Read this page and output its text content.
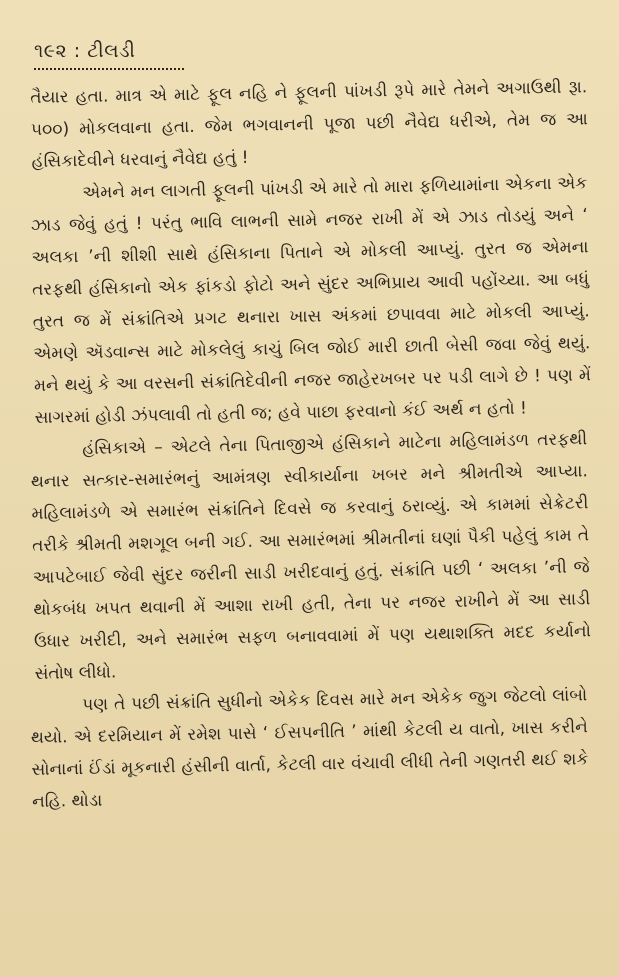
૧૯૨ : ટીલડી

તૈયાર હતા. માત્ર એ માટે ફૂલ નહિ ને ફૂલની પાંખડી રૂપે મારે તેમને અગાઉથી રૂા. ૫૦૦) મોકલવાના હતા. જેમ ભગવાનની પૂજા પછી નૈવેદ્ય ધરીએ, તેમ જ આ હંસિકાદેવીને ધરવાનું નૈવેદ્ય હતું !

એમને મન લાગતી ફૂલની પાંખડી એ મારે તો મારા ફળિયામાંના એકના એક ઝાડ જેવું હતું ! પરંતુ ભાવિ લાભની સામે નજર રાખી મેં એ ઝાડ તોડયું અને ‘ અલકા ’ની શીશી સાથે હંસિકાના પિતાને એ મોકલી આપ્યું. તુરત જ એમના તરફથી હંસિકાનો એક ફાંકડો ફોટો અને સુંદર અભિપ્રાય આવી પહોંચ્યા. આ બધું તુરત જ મેં સંક્રાંતિએ પ્રગટ થનારા ખાસ અંકમાં છપાવવા માટે મોકલી આપ્યું. એમણે ઍડવાન્સ માટે મોકલેલું કાચું બિલ જોઈ મારી છાતી બેસી જવા જેવું થયું. મને થયું કે આ વરસની સંક્રાંતિદેવીની નજર જાહેરખબર પર પડી લાગે છે ! પણ મેં સાગરમાં હોડી ઝંપલાવી તો હતી જ; હવે પાછા ફરવાનો કંઈ અર્થ ન હતો !

હંસિકાએ – એટલે તેના પિતાજીએ હંસિકાને માટેના મહિલામંડળ તરફથી થનાર સત્કાર-સમારંભનું આમંત્રણ સ્વીકાર્યાના ખબર મને શ્રીમતીએ આપ્યા. મહિલામંડળે એ સમારંભ સંક્રાંતિને દિવસે જ કરવાનું ઠરાવ્યું. એ કામમાં સેક્રેટરી તરીકે શ્રીમતી મશગૂલ બની ગઈ. આ સમારંભમાં શ્રીમતીનાં ઘણાં પૈકી પહેલું કામ તે આપટેબાઈ જેવી સુંદર જરીની સાડી ખરીદવાનું હતું. સંક્રાંતિ પછી ‘ અલકા ’ની જે થોકબંધ ખપત થવાની મેં આશા રાખી હતી, તેના પર નજર રાખીને મેં આ સાડી ઉધાર ખરીદી, અને સમારંભ સફળ બનાવવામાં મેં પણ યથાશક્તિ મદદ કર્યાનો સંતોષ લીધો.

પણ તે પછી સંક્રાંતિ સુધીનો એકેક દિવસ મારે મન એકેક જુગ જેટલો લાંબો થયો. એ દરમિયાન મેં રમેશ પાસે ‘ ઈસપનીતિ ’ માંથી કેટલી ય વાતો, ખાસ કરીને સોનાનાં ઈંડાં મૂકનારી હંસીની વાર્તા, કેટલી વાર વંચાવી લીધી તેની ગણતરી થઈ શકે નહિ. થોડા
